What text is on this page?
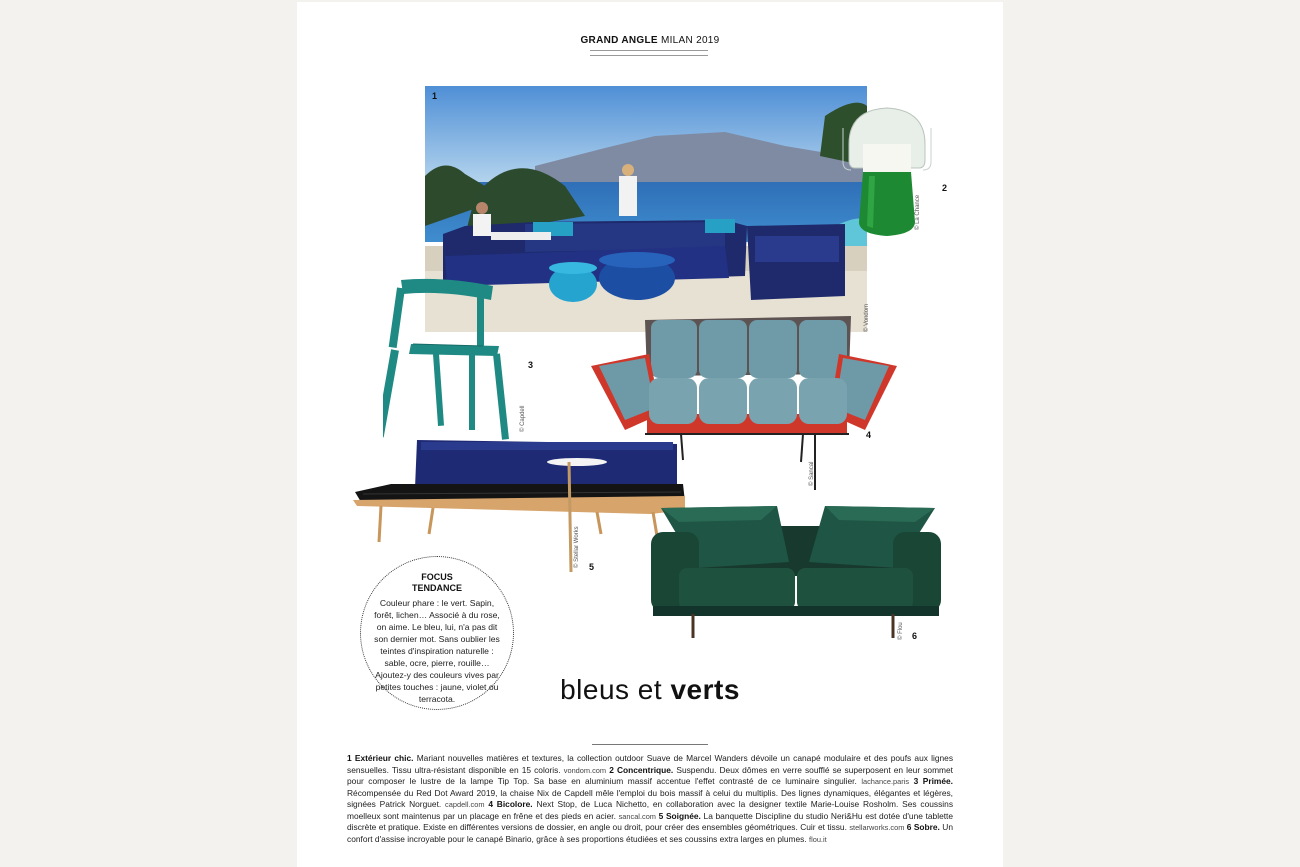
GRAND ANGLE MILAN 2019
1
© Vondom
2
© La Chance
3
© Capdell
4
© Sancal
5
© Stellar Works
6
© Flou
FOCUS
TENDANCE
Couleur phare : le vert. Sapin, forêt, lichen… Associé à du rose, on aime. Le bleu, lui, n'a pas dit son dernier mot. Sans oublier les teintes d'inspiration naturelle : sable, ocre, pierre, rouille… Ajoutez-y des couleurs vives par petites touches : jaune, violet ou terracota.	bleus et verts
1 Extérieur chic. Mariant nouvelles matières et textures, la collection outdoor Suave de Marcel Wanders dévoile un canapé modulaire et des poufs aux lignes sensuelles. Tissu ultra-résistant disponible en 15 coloris. vondom.com 2 Concentrique. Suspendu. Deux dômes en verre soufflé se superposent en leur sommet pour composer le lustre de la lampe Tip Top. Sa base en aluminium massif accentue l'effet contrasté de ce luminaire singulier. lachance.paris 3 Primée. Récompensée du Red Dot Award 2019, la chaise Nix de Capdell mêle l'emploi du bois massif à celui du multiplis. Des lignes dynamiques, élégantes et légères, signées Patrick Norguet. capdell.com 4 Bicolore. Next Stop, de Luca Nichetto, en collaboration avec la designer textile Marie-Louise Rosholm. Ses coussins moelleux sont maintenus par un placage en frêne et des pieds en acier. sancal.com 5 Soignée. La banquette Discipline du studio Neri&Hu est dotée d'une tablette discrète et pratique. Existe en différentes versions de dossier, en angle ou droit, pour créer des ensembles géométriques. Cuir et tissu. stellarworks.com 6 Sobre. Un confort d'assise incroyable pour le canapé Binario, grâce à ses proportions étudiées et ses coussins extra larges en plumes. flou.it
